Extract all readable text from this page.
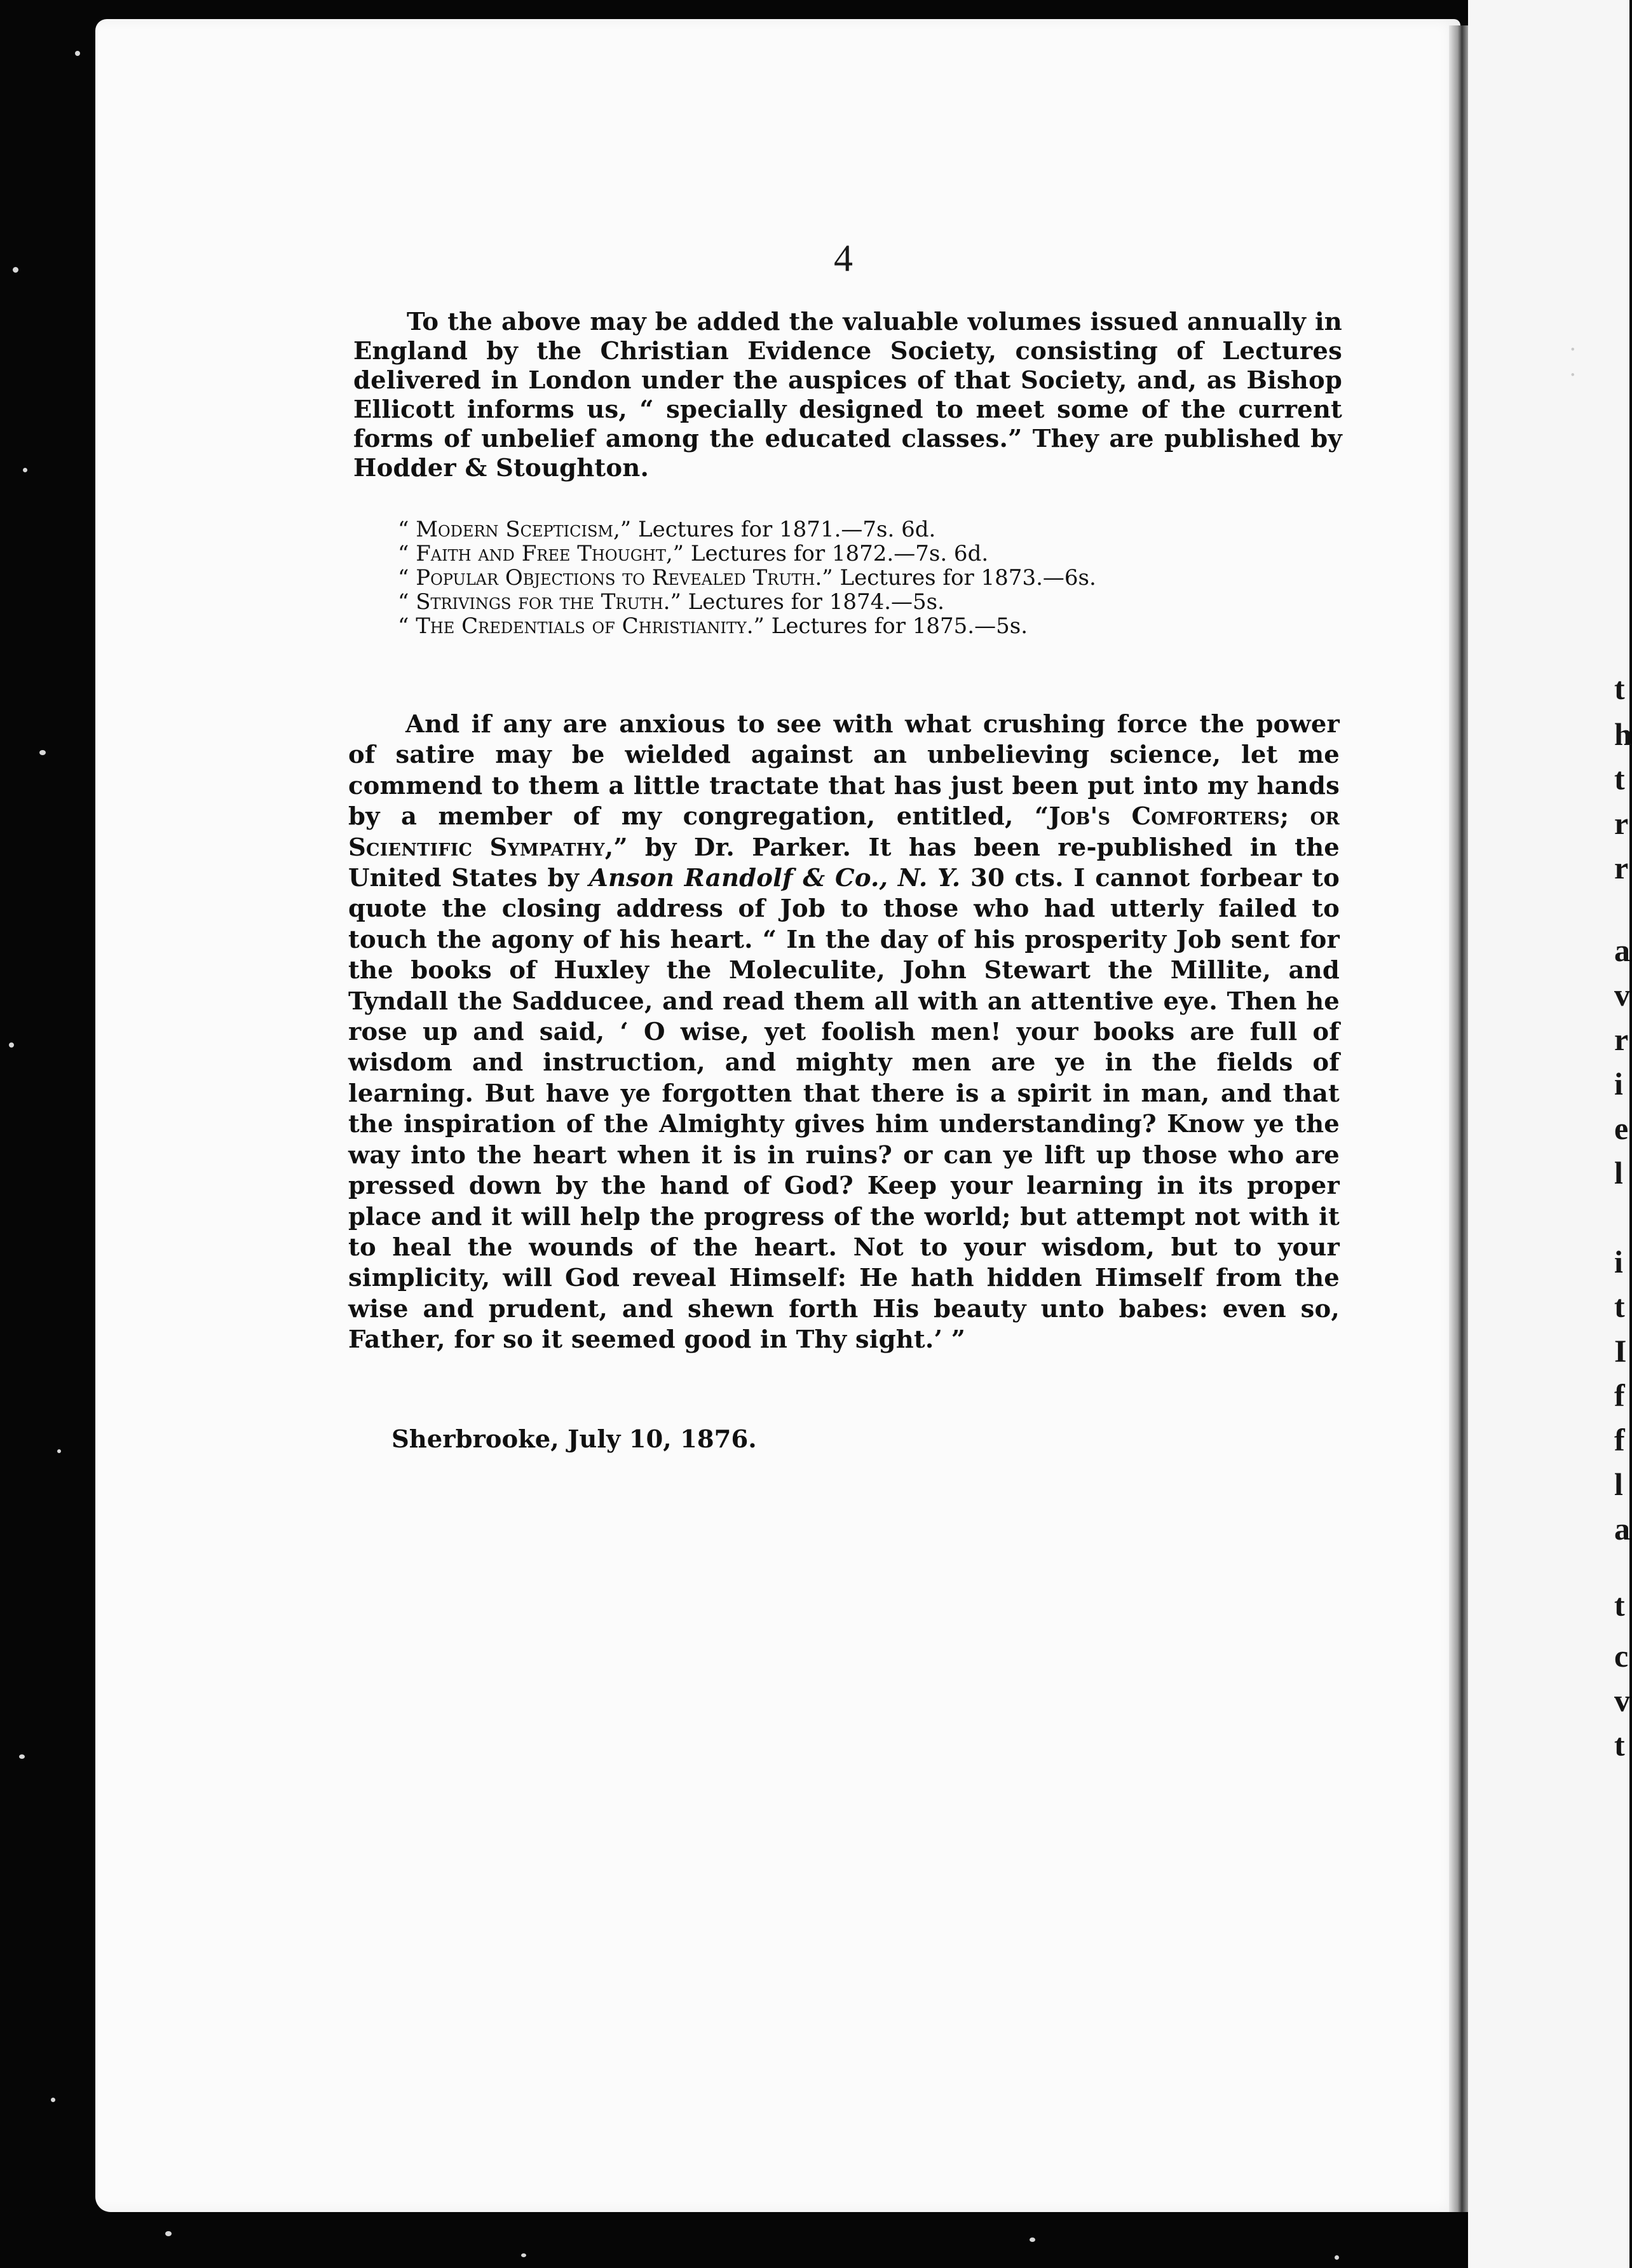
.
.
t
h
t
r
r
a
v
r
i
e
l
i
t
I
f
f
l
a
t
c
v
t
4

To the above may be added the valuable volumes issued annually in England by the Christian Evidence Society, consisting of Lectures delivered in London under the auspices of that Society, and, as Bishop Ellicott informs us, “ specially designed to meet some of the current forms of unbelief among the educated classes.” They are published by Hodder & Stoughton.

“ Modern Scepticism,” Lectures for 1871.—7s. 6d.
“ Faith and Free Thought,” Lectures for 1872.—7s. 6d.
“ Popular Objections to Revealed Truth.” Lectures for 1873.—6s.
“ Strivings for the Truth.” Lectures for 1874.—5s.
“ The Credentials of Christianity.” Lectures for 1875.—5s.

And if any are anxious to see with what crushing force the power of satire may be wielded against an unbelieving science, let me commend to them a little tractate that has just been put into my hands by a member of my congregation, entitled, “Job's Comforters; or Scientific Sympathy,” by Dr. Parker. It has been re-published in the United States by Anson Randolf & Co., N. Y. 30 cts. I cannot forbear to quote the closing address of Job to those who had utterly failed to touch the agony of his heart. “ In the day of his prosperity Job sent for the books of Huxley the Moleculite, John Stewart the Millite, and Tyndall the Sadducee, and read them all with an attentive eye. Then he rose up and said, ‘ O wise, yet foolish men! your books are full of wisdom and instruction, and mighty men are ye in the fields of learning. But have ye forgotten that there is a spirit in man, and that the inspiration of the Almighty gives him understanding? Know ye the way into the heart when it is in ruins? or can ye lift up those who are pressed down by the hand of God? Keep your learning in its proper place and it will help the progress of the world; but attempt not with it to heal the wounds of the heart. Not to your wisdom, but to your simplicity, will God reveal Himself: He hath hidden Himself from the wise and prudent, and shewn forth His beauty unto babes: even so, Father, for so it seemed good in Thy sight.’ ”

Sherbrooke, July 10, 1876.
